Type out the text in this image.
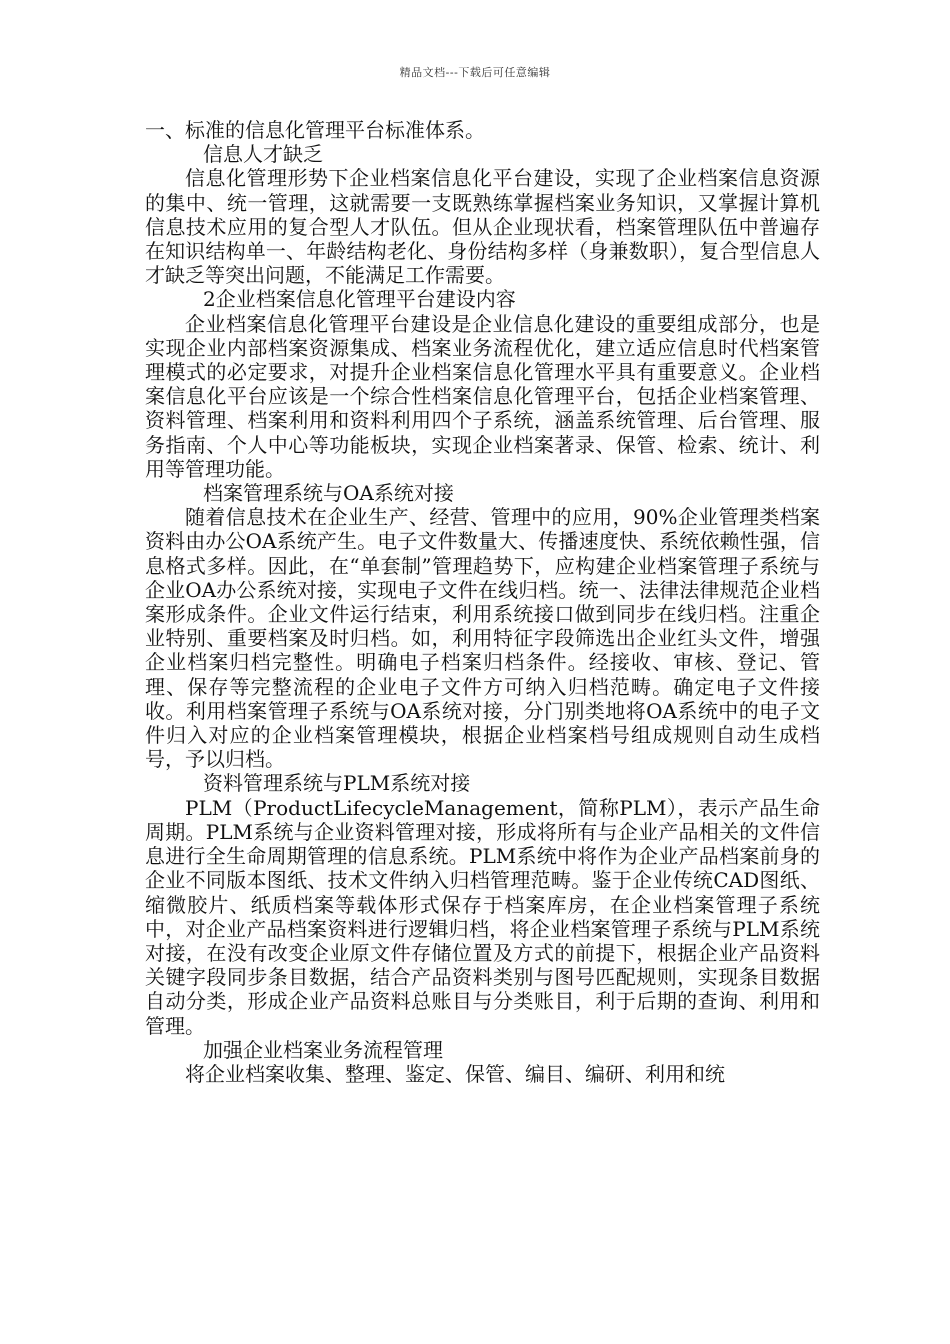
精品文档---下载后可任意编辑

一、标准的信息化管理平台标准体系。

信息人才缺乏

信息化管理形势下企业档案信息化平台建设，实现了企业档案信息资源的集中、统一管理，这就需要一支既熟练掌握档案业务知识，又掌握计算机信息技术应用的复合型人才队伍。但从企业现状看，档案管理队伍中普遍存在知识结构单一、年龄结构老化、身份结构多样（身兼数职），复合型信息人才缺乏等突出问题，不能满足工作需要。

2企业档案信息化管理平台建设内容

企业档案信息化管理平台建设是企业信息化建设的重要组成部分，也是实现企业内部档案资源集成、档案业务流程优化，建立适应信息时代档案管理模式的必定要求，对提升企业档案信息化管理水平具有重要意义。企业档案信息化平台应该是一个综合性档案信息化管理平台，包括企业档案管理、资料管理、档案利用和资料利用四个子系统，涵盖系统管理、后台管理、服务指南、个人中心等功能板块，实现企业档案著录、保管、检索、统计、利用等管理功能。

档案管理系统与OA系统对接

随着信息技术在企业生产、经营、管理中的应用，90%企业管理类档案资料由办公OA系统产生。电子文件数量大、传播速度快、系统依赖性强，信息格式多样。因此，在“单套制”管理趋势下，应构建企业档案管理子系统与企业OA办公系统对接，实现电子文件在线归档。统一、法律法律规范企业档案形成条件。企业文件运行结束，利用系统接口做到同步在线归档。注重企业特别、重要档案及时归档。如，利用特征字段筛选出企业红头文件，增强企业档案归档完整性。明确电子档案归档条件。经接收、审核、登记、管理、保存等完整流程的企业电子文件方可纳入归档范畴。确定电子文件接收。利用档案管理子系统与OA系统对接，分门别类地将OA系统中的电子文件归入对应的企业档案管理模块，根据企业档案档号组成规则自动生成档号，予以归档。

资料管理系统与PLM系统对接

PLM（ProductLifecycleManagement，简称PLM），表示产品生命周期。PLM系统与企业资料管理对接，形成将所有与企业产品相关的文件信息进行全生命周期管理的信息系统。PLM系统中将作为企业产品档案前身的企业不同版本图纸、技术文件纳入归档管理范畴。鉴于企业传统CAD图纸、缩微胶片、纸质档案等载体形式保存于档案库房，在企业档案管理子系统中，对企业产品档案资料进行逻辑归档，将企业档案管理子系统与PLM系统对接，在没有改变企业原文件存储位置及方式的前提下，根据企业产品资料关键字段同步条目数据，结合产品资料类别与图号匹配规则，实现条目数据自动分类，形成企业产品资料总账目与分类账目，利于后期的查询、利用和管理。

加强企业档案业务流程管理

将企业档案收集、整理、鉴定、保管、编目、编研、利用和统
